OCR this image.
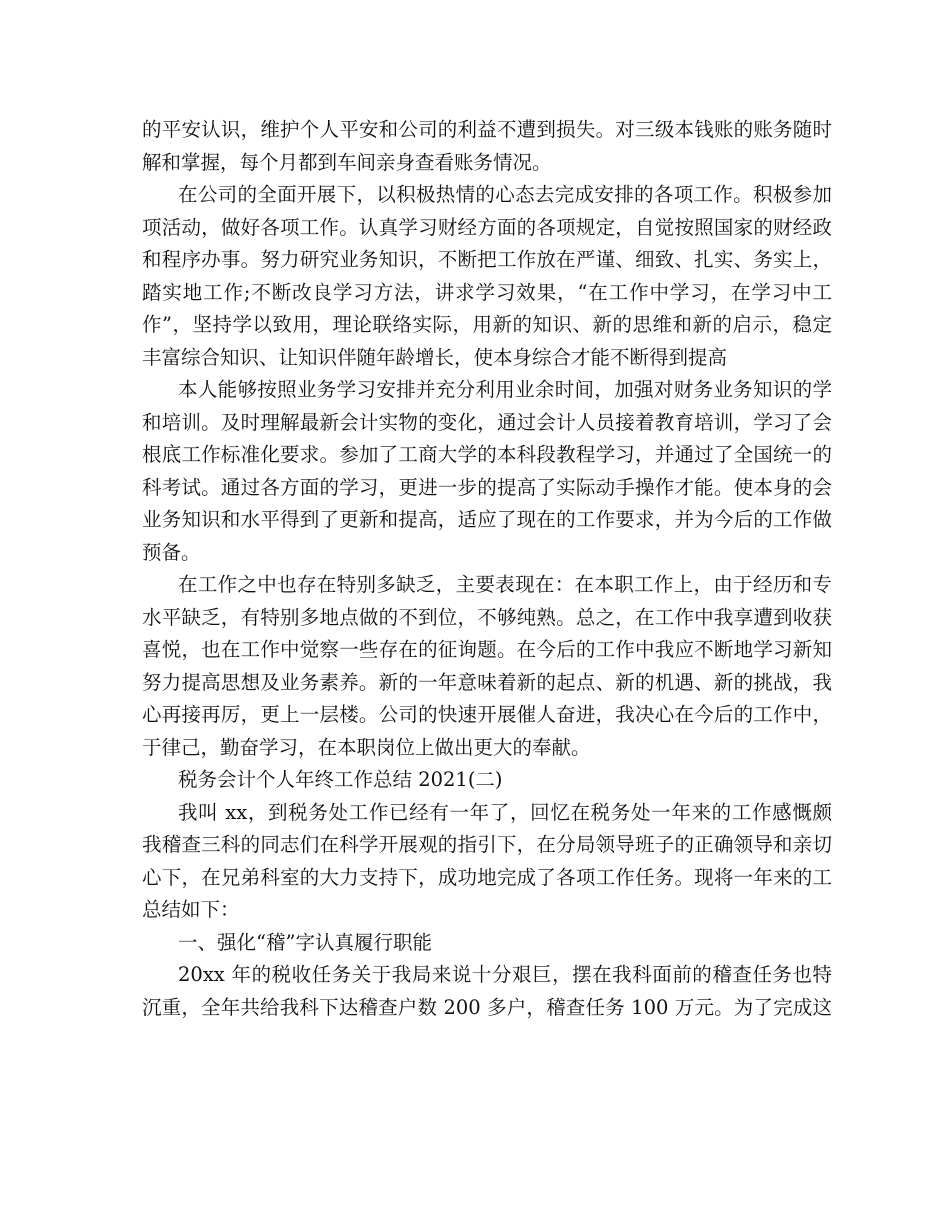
的平安认识，维护个人平安和公司的利益不遭到损失。对三级本钱账的账务随时
解和掌握，每个月都到车间亲身查看账务情况。
在公司的全面开展下，以积极热情的心态去完成安排的各项工作。积极参加
项活动，做好各项工作。认真学习财经方面的各项规定，自觉按照国家的财经政
和程序办事。努力研究业务知识，不断把工作放在严谨、细致、扎实、务实上，
踏实地工作;不断改良学习方法，讲求学习效果，“在工作中学习，在学习中工
作”，坚持学以致用，理论联络实际，用新的知识、新的思维和新的启示，稳定
丰富综合知识、让知识伴随年龄增长，使本身综合才能不断得到提高
本人能够按照业务学习安排并充分利用业余时间，加强对财务业务知识的学
和培训。及时理解最新会计实物的变化，通过会计人员接着教育培训，学习了会
根底工作标准化要求。参加了工商大学的本科段教程学习，并通过了全国统一的
科考试。通过各方面的学习，更进一步的提高了实际动手操作才能。使本身的会
业务知识和水平得到了更新和提高，适应了现在的工作要求，并为今后的工作做
预备。
在工作之中也存在特别多缺乏，主要表现在：在本职工作上，由于经历和专
水平缺乏，有特别多地点做的不到位，不够纯熟。总之，在工作中我享遭到收获
喜悦，也在工作中觉察一些存在的征询题。在今后的工作中我应不断地学习新知
努力提高思想及业务素养。新的一年意味着新的起点、新的机遇、新的挑战，我
心再接再厉，更上一层楼。公司的快速开展催人奋进，我决心在今后的工作中，
于律己，勤奋学习，在本职岗位上做出更大的奉献。
税务会计个人年终工作总结 2021(二)
我叫 xx，到税务处工作已经有一年了，回忆在税务处一年来的工作感慨颇
我稽查三科的同志们在科学开展观的指引下，在分局领导班子的正确领导和亲切
心下，在兄弟科室的大力支持下，成功地完成了各项工作任务。现将一年来的工
总结如下：
一、强化“稽”字认真履行职能
20xx 年的税收任务关于我局来说十分艰巨，摆在我科面前的稽查任务也特
沉重，全年共给我科下达稽查户数 200 多户，稽查任务 100 万元。为了完成这
